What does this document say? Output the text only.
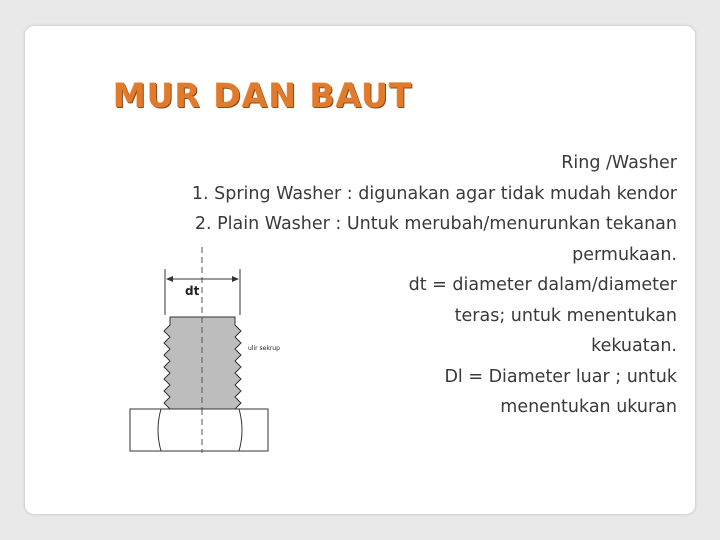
MUR DAN BAUT
Ring /Washer
1. Spring Washer : digunakan agar tidak mudah kendor
2. Plain Washer : Untuk merubah/menurunkan tekanan
permukaan.
dt = diameter dalam/diameter
teras; untuk menentukan
kekuatan.
Dl = Diameter luar ; untuk
menentukan ukuran
dt
ulir sekrup
